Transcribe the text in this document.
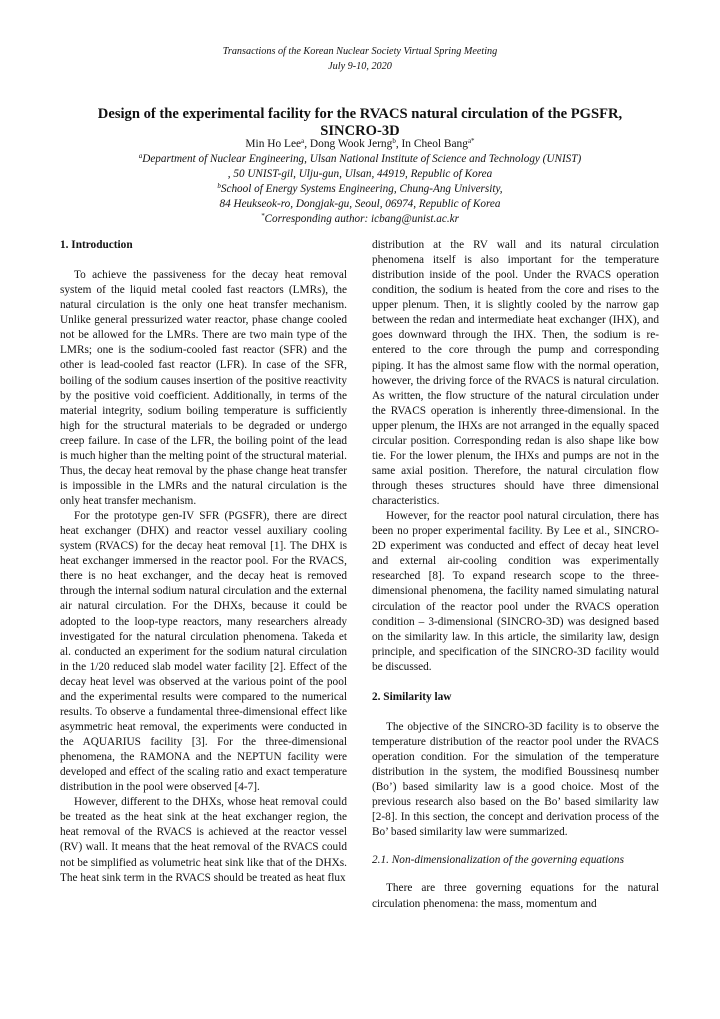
Transactions of the Korean Nuclear Society Virtual Spring Meeting
July 9-10, 2020
Design of the experimental facility for the RVACS natural circulation of the PGSFR,
SINCRO-3D
Min Ho Lee$^a$, Dong Wook Jerng$^b$, In Cheol Bang$^{a*}$
$^a$Department of Nuclear Engineering, Ulsan National Institute of Science and Technology (UNIST)
, 50 UNIST-gil, Ulju-gun, Ulsan, 44919, Republic of Korea
$^b$School of Energy Systems Engineering, Chung-Ang University,
84 Heukseok-ro, Dongjak-gu, Seoul, 06974, Republic of Korea
*Corresponding author: icbang@unist.ac.kr

1. Introduction

To achieve the passiveness for the decay heat removal system of the liquid metal cooled fast reactors (LMRs), the natural circulation is the only one heat transfer mechanism. Unlike general pressurized water reactor, phase change cooled not be allowed for the LMRs. There are two main type of the LMRs; one is the sodium-cooled fast reactor (SFR) and the other is lead-cooled fast reactor (LFR). In case of the SFR, boiling of the sodium causes insertion of the positive reactivity by the positive void coefficient. Additionally, in terms of the material integrity, sodium boiling temperature is sufficiently high for the structural materials to be degraded or undergo creep failure. In case of the LFR, the boiling point of the lead is much higher than the melting point of the structural material. Thus, the decay heat removal by the phase change heat transfer is impossible in the LMRs and the natural circulation is the only heat transfer mechanism.

For the prototype gen-IV SFR (PGSFR), there are direct heat exchanger (DHX) and reactor vessel auxiliary cooling system (RVACS) for the decay heat removal [1]. The DHX is heat exchanger immersed in the reactor pool. For the RVACS, there is no heat exchanger, and the decay heat is removed through the internal sodium natural circulation and the external air natural circulation. For the DHXs, because it could be adopted to the loop-type reactors, many researchers already investigated for the natural circulation phenomena. Takeda et al. conducted an experiment for the sodium natural circulation in the 1/20 reduced slab model water facility [2]. Effect of the decay heat level was observed at the various point of the pool and the experimental results were compared to the numerical results. To observe a fundamental three-dimensional effect like asymmetric heat removal, the experiments were conducted in the AQUARIUS facility [3]. For the three-dimensional phenomena, the RAMONA and the NEPTUN facility were developed and effect of the scaling ratio and exact temperature distribution in the pool were observed [4-7].

However, different to the DHXs, whose heat removal could be treated as the heat sink at the heat exchanger region, the heat removal of the RVACS is achieved at the reactor vessel (RV) wall. It means that the heat removal of the RVACS could not be simplified as volumetric heat sink like that of the DHXs. The heat sink term in the RVACS should be treated as heat flux

distribution at the RV wall and its natural circulation phenomena itself is also important for the temperature distribution inside of the pool. Under the RVACS operation condition, the sodium is heated from the core and rises to the upper plenum. Then, it is slightly cooled by the narrow gap between the redan and intermediate heat exchanger (IHX), and goes downward through the IHX. Then, the sodium is re-entered to the core through the pump and corresponding piping. It has the almost same flow with the normal operation, however, the driving force of the RVACS is natural circulation. As written, the flow structure of the natural circulation under the RVACS operation is inherently three-dimensional. In the upper plenum, the IHXs are not arranged in the equally spaced circular position. Corresponding redan is also shape like bow tie. For the lower plenum, the IHXs and pumps are not in the same axial position. Therefore, the natural circulation flow through theses structures should have three dimensional characteristics.

However, for the reactor pool natural circulation, there has been no proper experimental facility. By Lee et al., SINCRO-2D experiment was conducted and effect of decay heat level and external air-cooling condition was experimentally researched [8]. To expand research scope to the three-dimensional phenomena, the facility named simulating natural circulation of the reactor pool under the RVACS operation condition – 3-dimensional (SINCRO-3D) was designed based on the similarity law. In this article, the similarity law, design principle, and specification of the SINCRO-3D facility would be discussed.

2. Similarity law

The objective of the SINCRO-3D facility is to observe the temperature distribution of the reactor pool under the RVACS operation condition. For the simulation of the temperature distribution in the system, the modified Boussinesq number (Bo’) based similarity law is a good choice. Most of the previous research also based on the Bo’ based similarity law [2-8]. In this section, the concept and derivation process of the Bo’ based similarity law were summarized.

2.1. Non-dimensionalization of the governing equations

There are three governing equations for the natural circulation phenomena: the mass, momentum and
